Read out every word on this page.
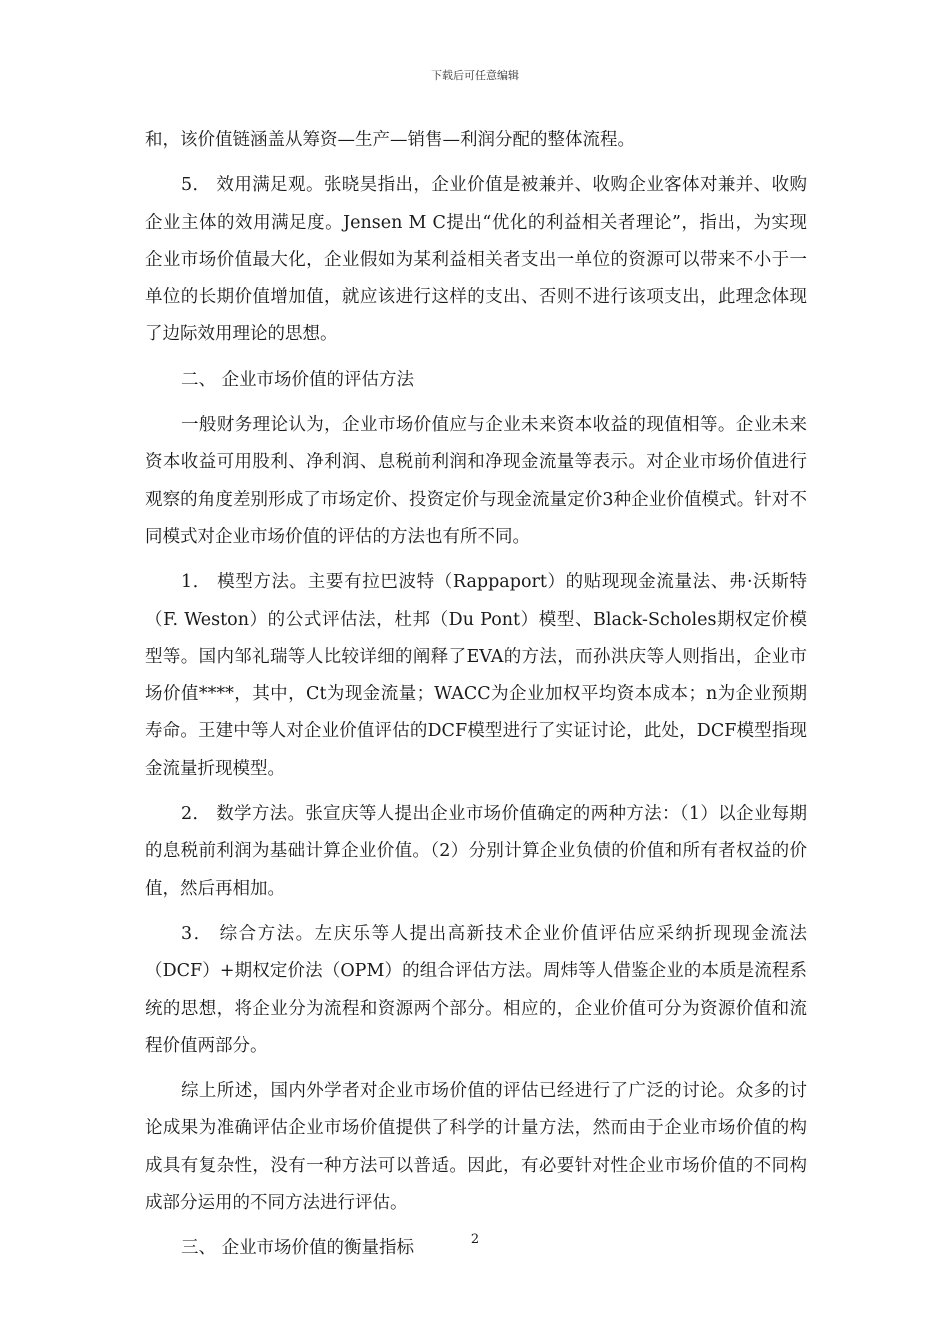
下载后可任意编辑

和，该价值链涵盖从筹资—生产—销售—利润分配的整体流程。

5． 效用满足观。张晓昊指出，企业价值是被兼并、收购企业客体对兼并、收购企业主体的效用满足度。Jensen M C提出“优化的利益相关者理论”，指出，为实现企业市场价值最大化，企业假如为某利益相关者支出一单位的资源可以带来不小于一单位的长期价值增加值，就应该进行这样的支出、否则不进行该项支出，此理念体现了边际效用理论的思想。

二、 企业市场价值的评估方法

一般财务理论认为，企业市场价值应与企业未来资本收益的现值相等。企业未来资本收益可用股利、净利润、息税前利润和净现金流量等表示。对企业市场价值进行观察的角度差别形成了市场定价、投资定价与现金流量定价3种企业价值模式。针对不同模式对企业市场价值的评估的方法也有所不同。

1． 模型方法。主要有拉巴波特（Rappaport）的贴现现金流量法、弗·沃斯特（F. Weston）的公式评估法，杜邦（Du Pont）模型、Black-Scholes期权定价模型等。国内邹礼瑞等人比较详细的阐释了EVA的方法，而孙洪庆等人则指出，企业市场价值****，其中，Ct为现金流量；WACC为企业加权平均资本成本；n为企业预期寿命。王建中等人对企业价值评估的DCF模型进行了实证讨论，此处，DCF模型指现金流量折现模型。

2． 数学方法。张宣庆等人提出企业市场价值确定的两种方法：（1）以企业每期的息税前利润为基础计算企业价值。（2）分别计算企业负债的价值和所有者权益的价值，然后再相加。

3． 综合方法。左庆乐等人提出高新技术企业价值评估应采纳折现现金流法（DCF）+期权定价法（OPM）的组合评估方法。周炜等人借鉴企业的本质是流程系统的思想，将企业分为流程和资源两个部分。相应的，企业价值可分为资源价值和流程价值两部分。

综上所述，国内外学者对企业市场价值的评估已经进行了广泛的讨论。众多的讨论成果为准确评估企业市场价值提供了科学的计量方法，然而由于企业市场价值的构成具有复杂性，没有一种方法可以普适。因此，有必要针对性企业市场价值的不同构成部分运用的不同方法进行评估。

三、 企业市场价值的衡量指标	2
